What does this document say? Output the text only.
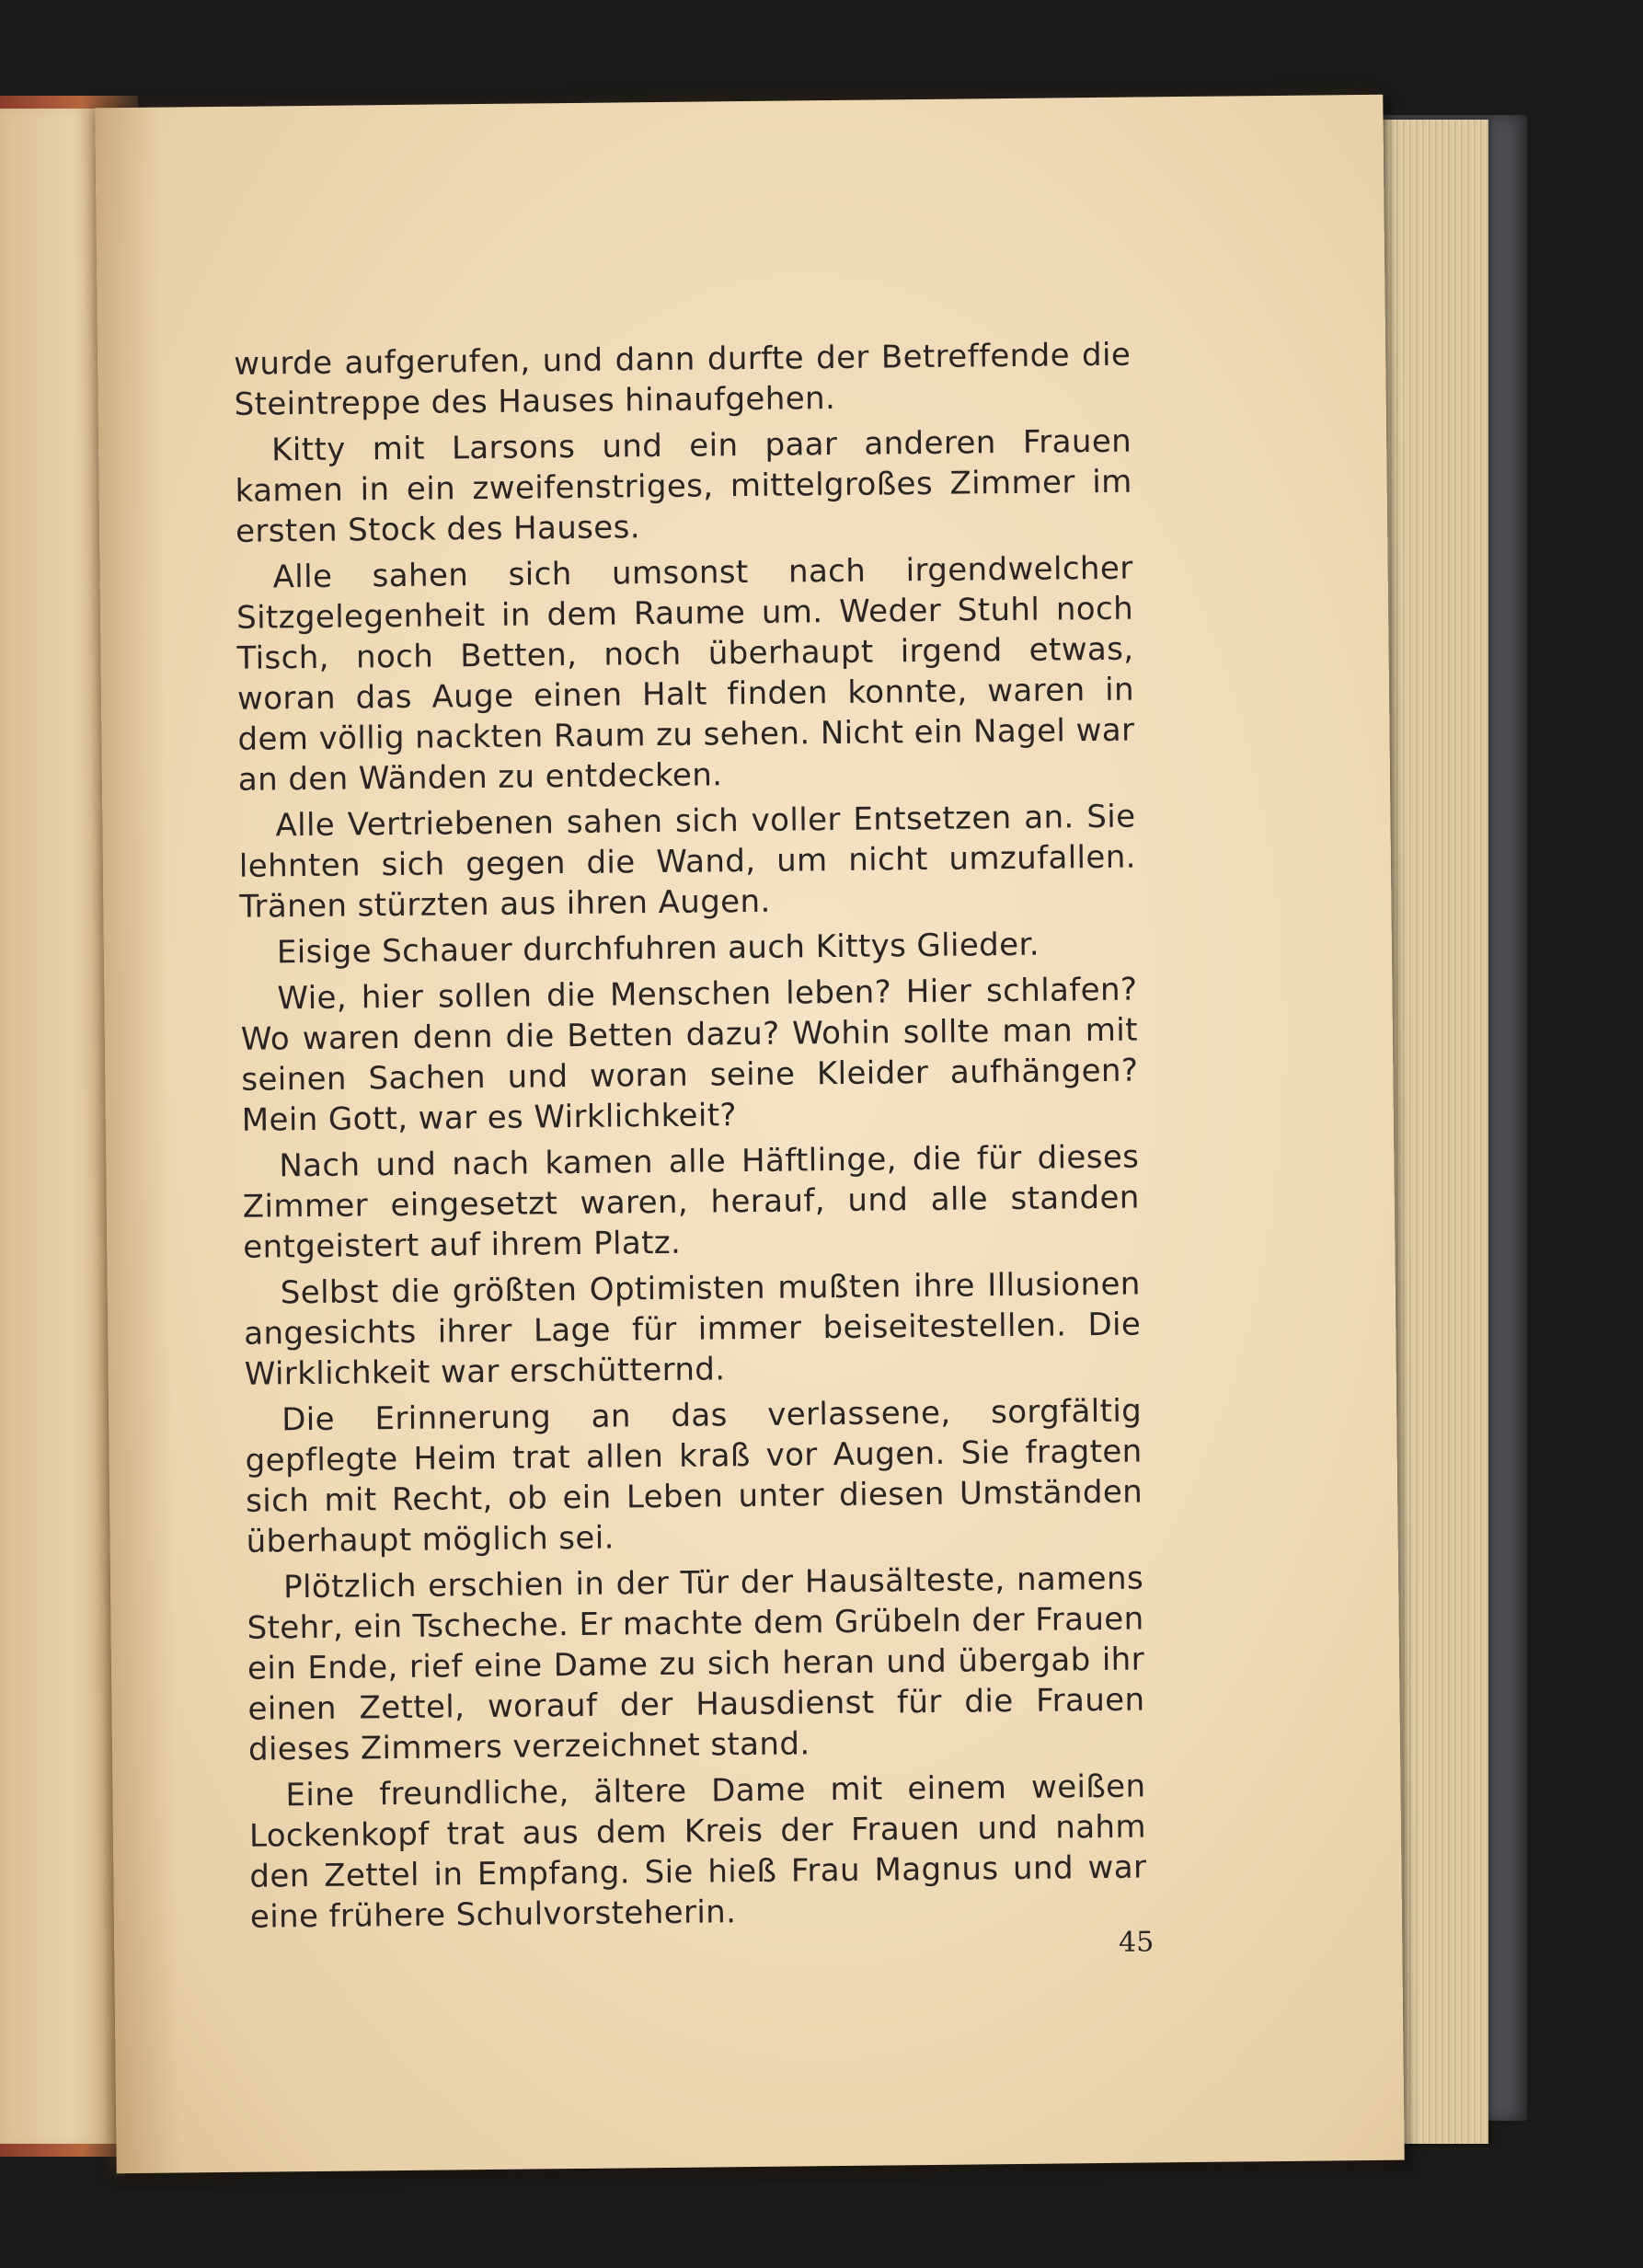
wurde aufgerufen, und dann durfte der Betreffende die Steintreppe des Hauses hinaufgehen.

Kitty mit Larsons und ein paar anderen Frauen kamen in ein zweifenstriges, mittelgroßes Zimmer im ersten Stock des Hauses.

Alle sahen sich umsonst nach irgendwelcher Sitzgelegenheit in dem Raume um. Weder Stuhl noch Tisch, noch Betten, noch überhaupt irgend etwas, woran das Auge einen Halt finden konnte, waren in dem völlig nackten Raum zu sehen. Nicht ein Nagel war an den Wänden zu entdecken.

Alle Vertriebenen sahen sich voller Entsetzen an. Sie lehnten sich gegen die Wand, um nicht umzufallen. Tränen stürzten aus ihren Augen.

Eisige Schauer durchfuhren auch Kittys Glieder.

Wie, hier sollen die Menschen leben? Hier schlafen? Wo waren denn die Betten dazu? Wohin sollte man mit seinen Sachen und woran seine Kleider aufhängen? Mein Gott, war es Wirklichkeit?

Nach und nach kamen alle Häftlinge, die für dieses Zimmer eingesetzt waren, herauf, und alle standen entgeistert auf ihrem Platz.

Selbst die größten Optimisten mußten ihre Illusionen angesichts ihrer Lage für immer beiseitestellen. Die Wirklichkeit war erschütternd.

Die Erinnerung an das verlassene, sorgfältig gepflegte Heim trat allen kraß vor Augen. Sie fragten sich mit Recht, ob ein Leben unter diesen Umständen überhaupt möglich sei.

Plötzlich erschien in der Tür der Hausälteste, namens Stehr, ein Tscheche. Er machte dem Grübeln der Frauen ein Ende, rief eine Dame zu sich heran und übergab ihr einen Zettel, worauf der Hausdienst für die Frauen dieses Zimmers verzeichnet stand.

Eine freundliche, ältere Dame mit einem weißen Lockenkopf trat aus dem Kreis der Frauen und nahm den Zettel in Empfang. Sie hieß Frau Magnus und war eine frühere Schulvorsteherin.

45
